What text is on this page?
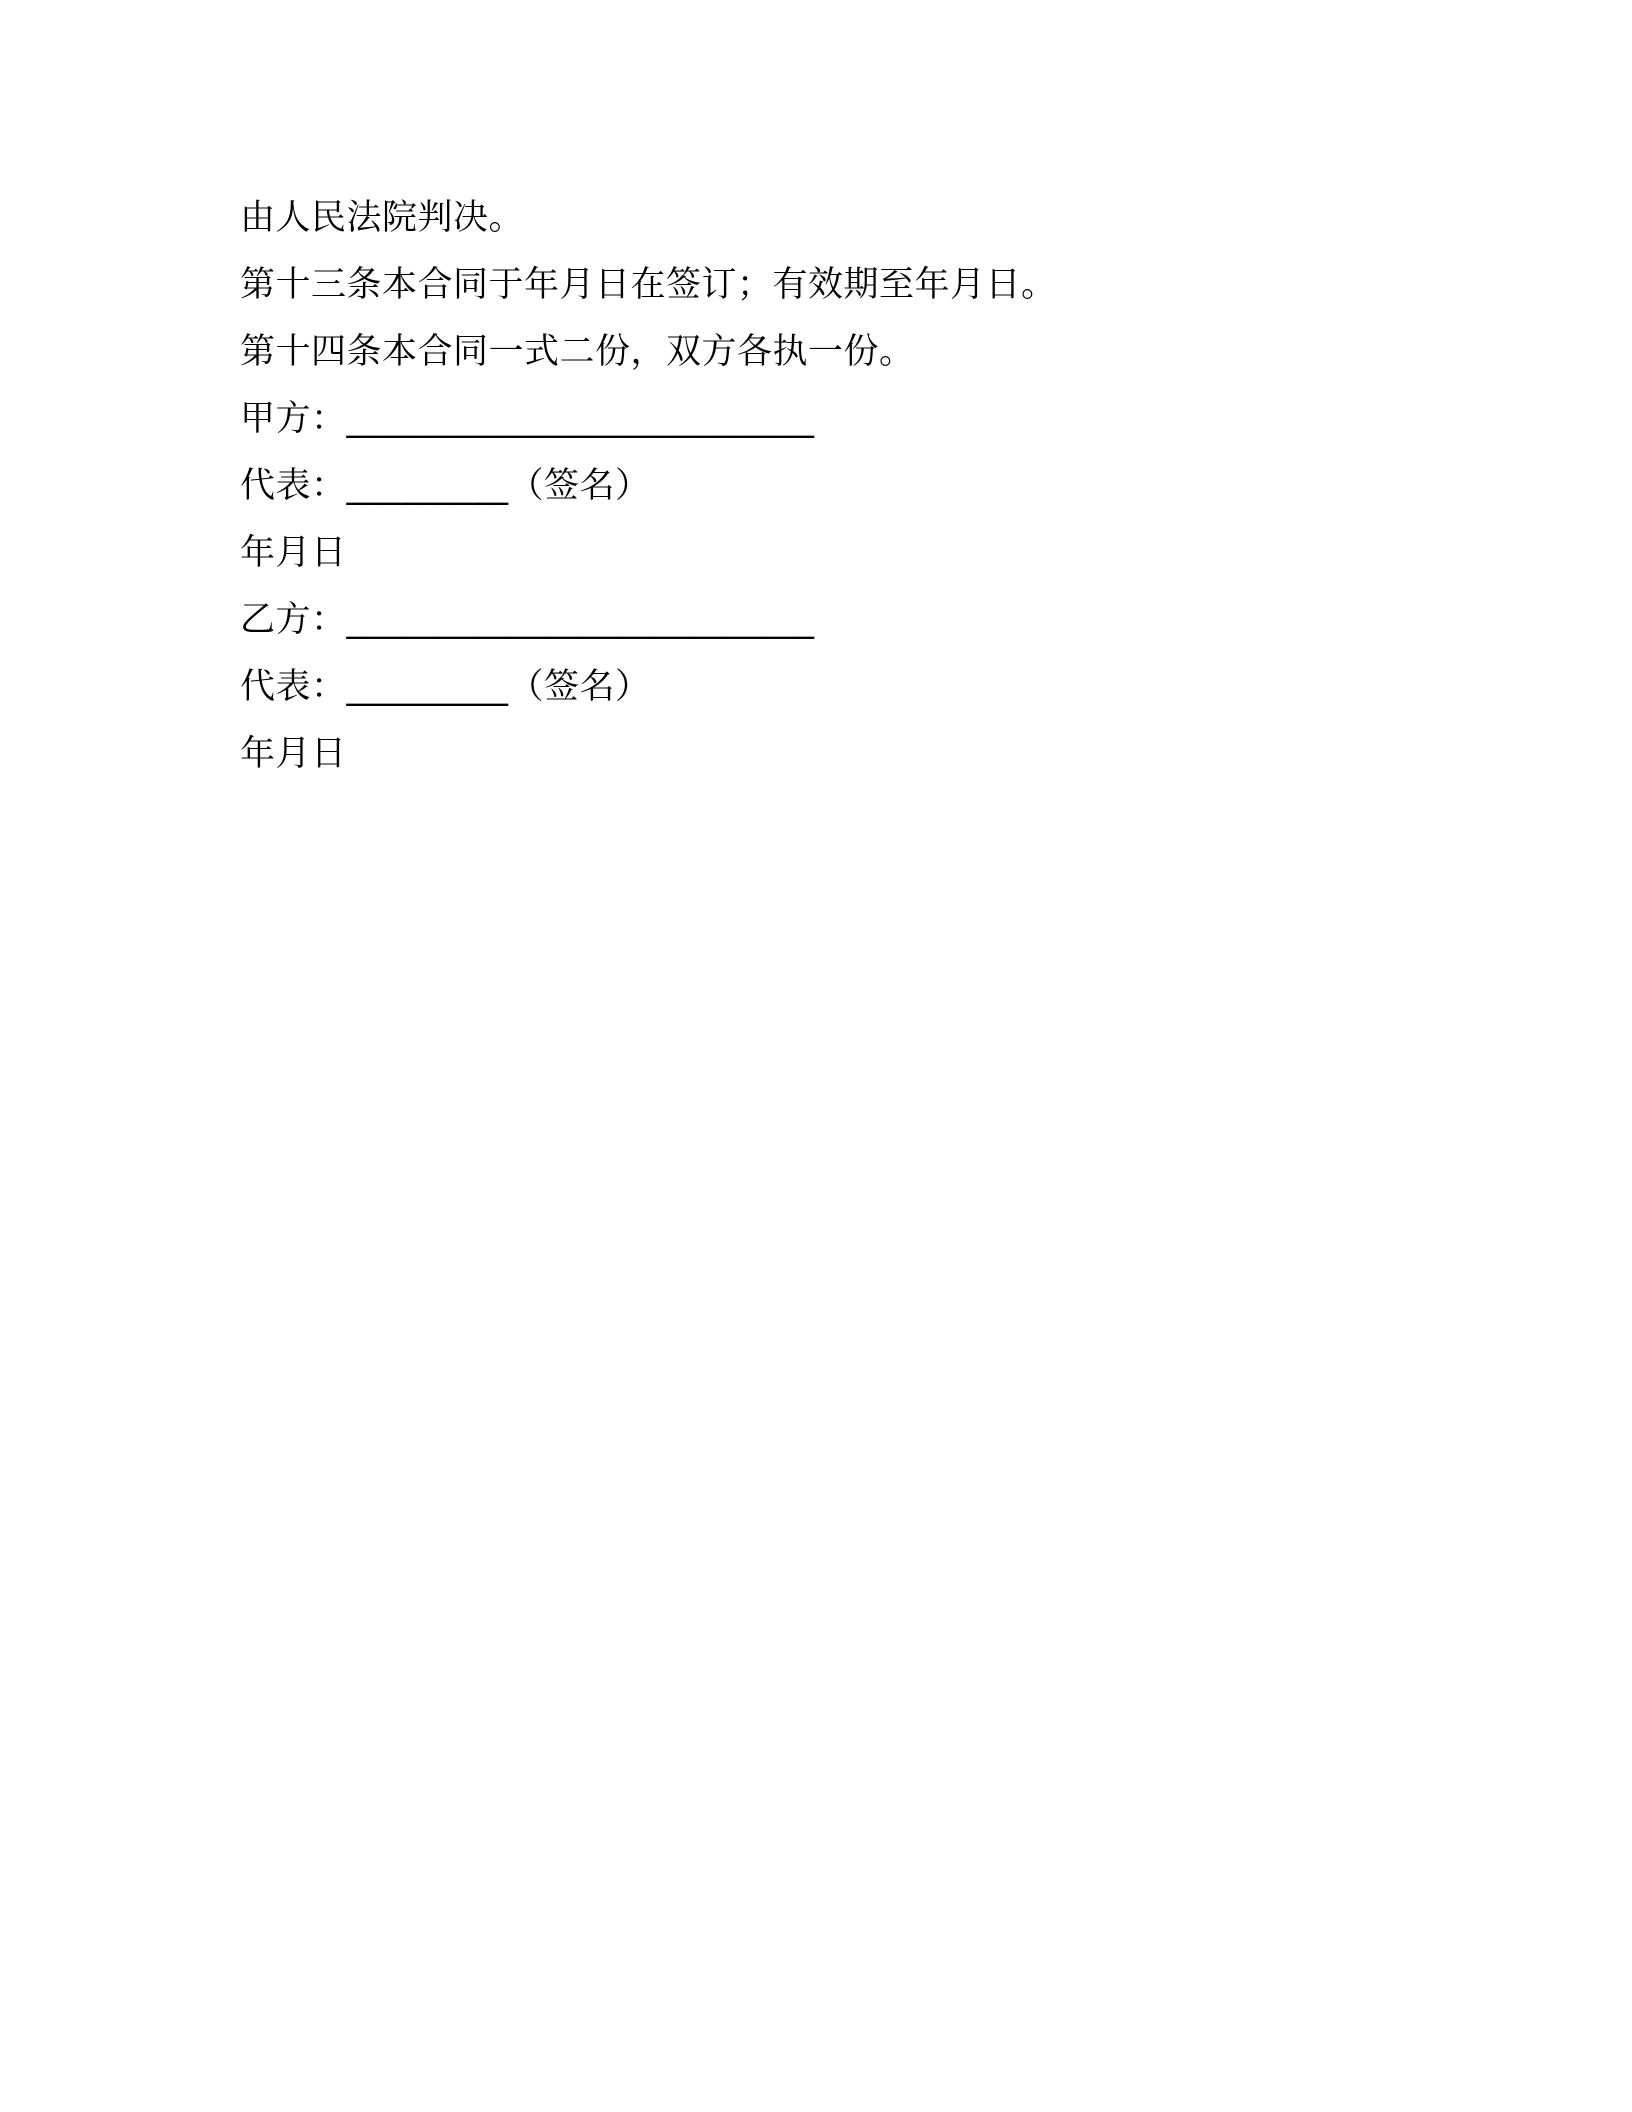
由人民法院判决。
第十三条本合同于年月日在签订；有效期至年月日。
第十四条本合同一式二份，双方各执一份。
甲方：__________________________
代表：_________（签名）
年月日
乙方：__________________________
代表：_________（签名）
年月日
